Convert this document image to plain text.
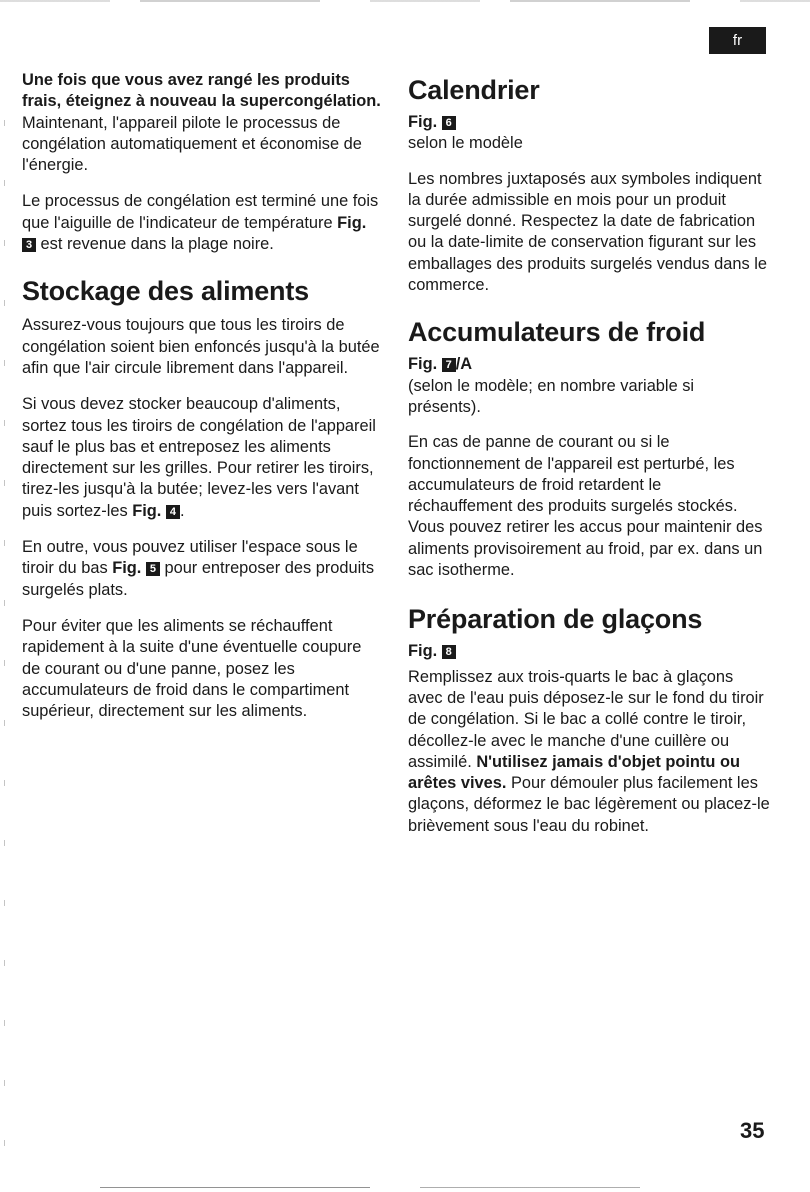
fr

Une fois que vous avez rangé les produits frais, éteignez à nouveau la supercongélation. Maintenant, l'appareil pilote le processus de congélation automatiquement et économise de l'énergie.

Le processus de congélation est terminé une fois que l'aiguille de l'indicateur de température Fig. 3 est revenue dans la plage noire.

Stockage des aliments

Assurez-vous toujours que tous les tiroirs de congélation soient bien enfoncés jusqu'à la butée afin que l'air circule librement dans l'appareil.

Si vous devez stocker beaucoup d'aliments, sortez tous les tiroirs de congélation de l'appareil sauf le plus bas et entreposez les aliments directement sur les grilles. Pour retirer les tiroirs, tirez-les jusqu'à la butée; levez-les vers l'avant puis sortez-les Fig. 4 .

En outre, vous pouvez utiliser l'espace sous le tiroir du bas Fig. 5 pour entreposer des produits surgelés plats.

Pour éviter que les aliments se réchauffent rapidement à la suite d'une éventuelle coupure de courant ou d'une panne, posez les accumulateurs de froid dans le compartiment supérieur, directement sur les aliments.

Calendrier
Fig. 6
selon le modèle

Les nombres juxtaposés aux symboles indiquent la durée admissible en mois pour un produit surgelé donné. Respectez la date de fabrication ou la date-limite de conservation figurant sur les emballages des produits surgelés vendus dans le commerce.

Accumulateurs de froid
Fig. 7 /A
(selon le modèle; en nombre variable si présents).

En cas de panne de courant ou si le fonctionnement de l'appareil est perturbé, les accumulateurs de froid retardent le réchauffement des produits surgelés stockés. Vous pouvez retirer les accus pour maintenir des aliments provisoirement au froid, par ex. dans un sac isotherme.

Préparation de glaçons
Fig. 8

Remplissez aux trois-quarts le bac à glaçons avec de l'eau puis déposez-le sur le fond du tiroir de congélation. Si le bac a collé contre le tiroir, décollez-le avec le manche d'une cuillère ou assimilé. N'utilisez jamais d'objet pointu ou arêtes vives. Pour démouler plus facilement les glaçons, déformez le bac légèrement ou placez-le brièvement sous l'eau du robinet.

35
